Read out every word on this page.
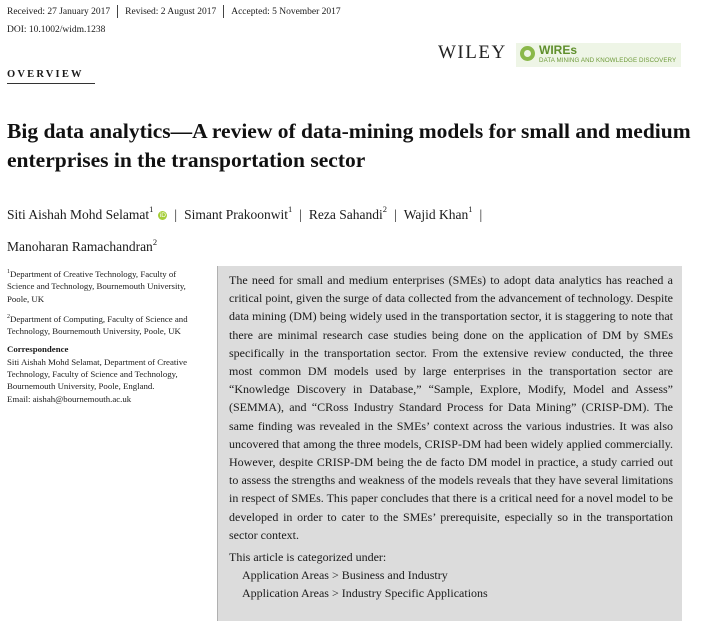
Received: 27 January 2017 Revised: 2 August 2017 Accepted: 5 November 2017
DOI: 10.1002/widm.1238
WILEY	WIREs
DATA MINING AND KNOWLEDGE DISCOVERY
OVERVIEW
Big data analytics—A review of data-mining models for small and medium enterprises in the transportation sector
Siti Aishah Mohd Selamat$^1$iD | Simant Prakoonwit$^1$ | Reza Sahandi$^2$ | Wajid Khan$^1$ |
Manoharan Ramachandran$^2$
$^1$Department of Creative Technology, Faculty of Science and Technology, Bournemouth University, Poole, UK
$^2$Department of Computing, Faculty of Science and Technology, Bournemouth University, Poole, UK
Correspondence
Siti Aishah Mohd Selamat, Department of Creative Technology, Faculty of Science and Technology, Bournemouth University, Poole, England.
Email: aishah@bournemouth.ac.uk
The need for small and medium enterprises (SMEs) to adopt data analytics has reached a critical point, given the surge of data collected from the advancement of technology. Despite data mining (DM) being widely used in the transportation sector, it is staggering to note that there are minimal research case studies being done on the application of DM by SMEs specifically in the transportation sector. From the extensive review conducted, the three most common DM models used by large enterprises in the transportation sector are “Knowledge Discovery in Database,” “Sample, Explore, Modify, Model and Assess” (SEMMA), and “CRoss Industry Standard Process for Data Mining” (CRISP-DM). The same finding was revealed in the SMEs’ context across the various industries. It was also uncovered that among the three models, CRISP-DM had been widely applied commercially. However, despite CRISP-DM being the de facto DM model in practice, a study carried out to assess the strengths and weakness of the models reveals that they have several limitations in respect of SMEs. This paper concludes that there is a critical need for a novel model to be developed in order to cater to the SMEs’ prerequisite, especially so in the transportation sector context.
This article is categorized under:
Application Areas > Business and Industry
Application Areas > Industry Specific Applications
